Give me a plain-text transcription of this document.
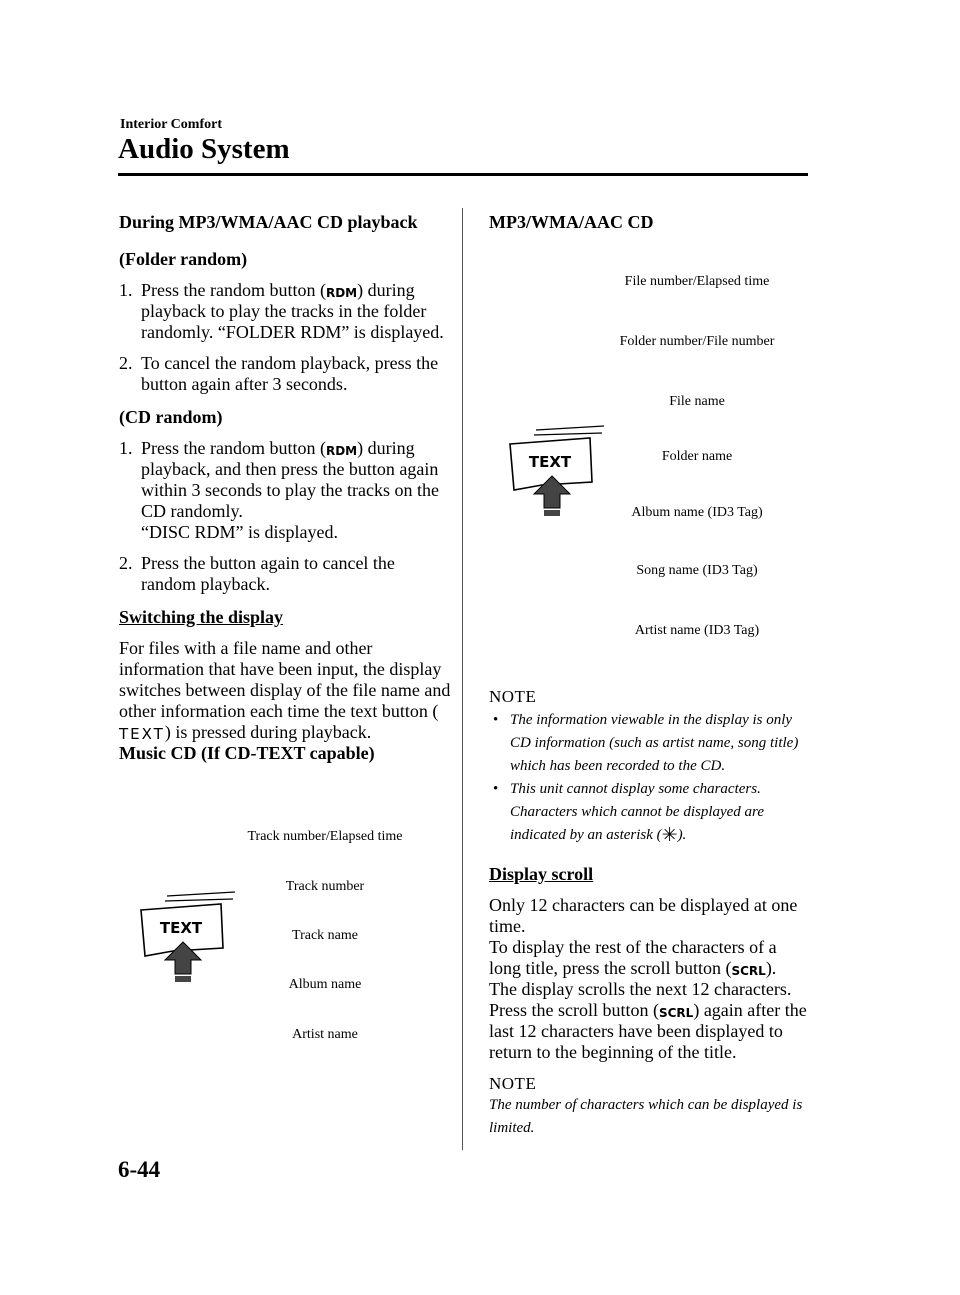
Interior Comfort
Audio System

During MP3/WMA/AAC CD playback

(Folder random)

1. Press the random button (RDM) during playback to play the tracks in the folder randomly. “FOLDER RDM” is displayed.
2. To cancel the random playback, press the button again after 3 seconds.

(CD random)

1. Press the random button (RDM) during playback, and then press the button again within 3 seconds to play the tracks on the CD randomly.
“DISC RDM” is displayed.
2. Press the button again to cancel the random playback.

Switching the display

For files with a file name and other information that have been input, the display switches between display of the file name and other information each time the text button (TEXT) is pressed during playback.

Music CD (If CD-TEXT capable)

Track number/Elapsed time
Track number
Track name
Album name
Artist name
TEXT

MP3/WMA/AAC CD

File number/Elapsed time
Folder number/File number
File name
Folder name
Album name (ID3 Tag)
Song name (ID3 Tag)
Artist name (ID3 Tag)
TEXT

NOTE

• The information viewable in the display is only CD information (such as artist name, song title) which has been recorded to the CD.
• This unit cannot display some characters. Characters which cannot be displayed are indicated by an asterisk (✳).

Display scroll

Only 12 characters can be displayed at one time.

To display the rest of the characters of a long title, press the scroll button (SCRL).

The display scrolls the next 12 characters.

Press the scroll button (SCRL) again after the last 12 characters have been displayed to return to the beginning of the title.

NOTE

The number of characters which can be displayed is limited.

6-44
